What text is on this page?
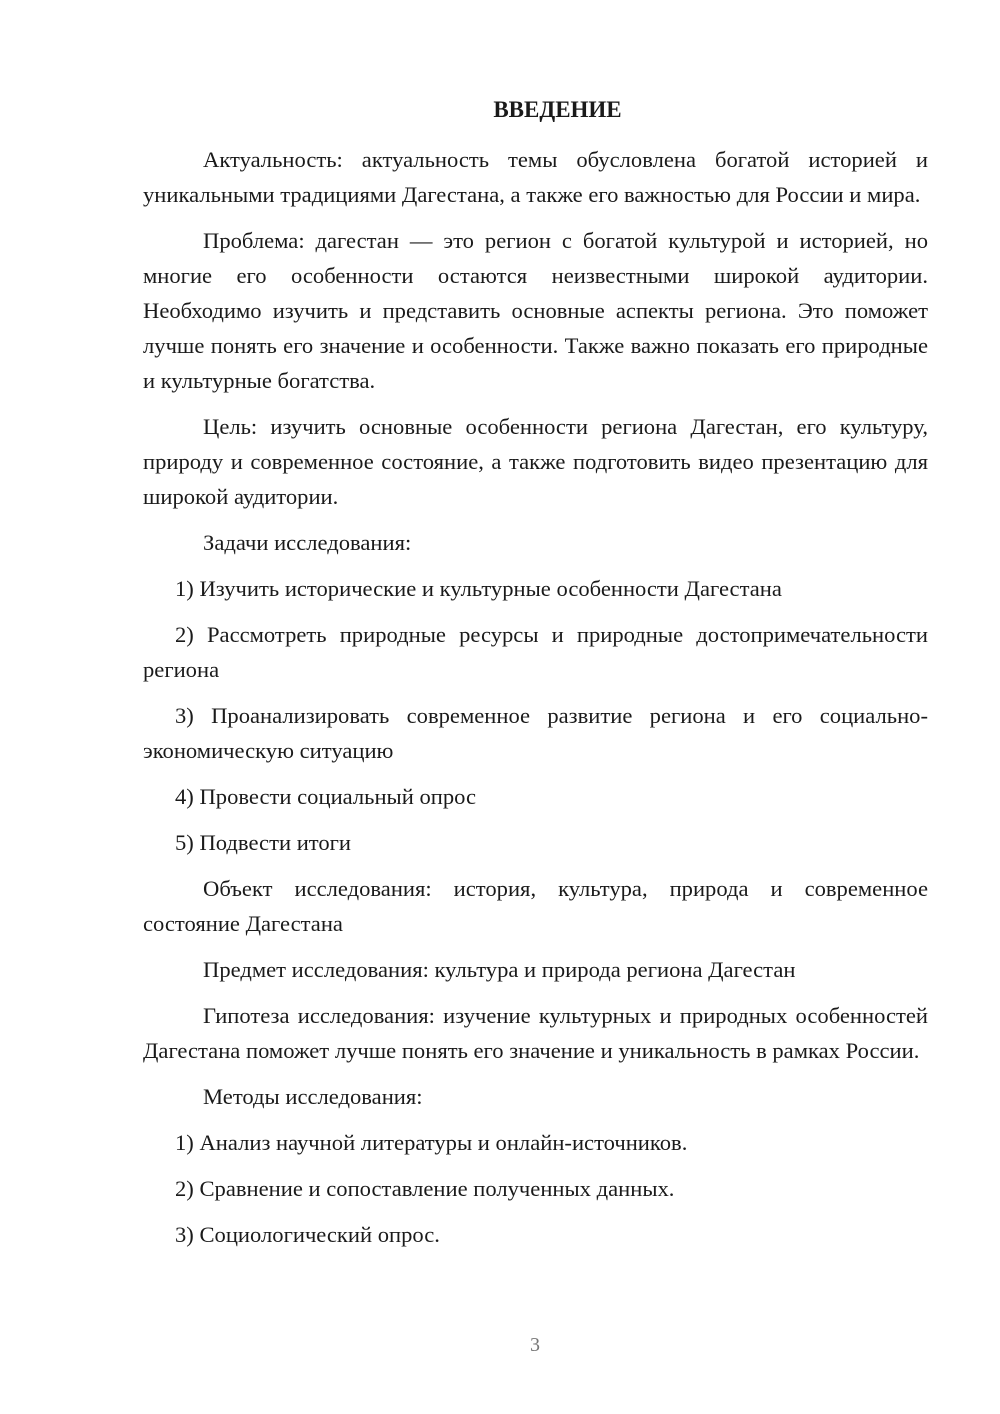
ВВЕДЕНИЕ

Актуальность: актуальность темы обусловлена богатой историей и уникальными традициями Дагестана, а также его важностью для России и мира.

Проблема: дагестан — это регион с богатой культурой и историей, но многие его особенности остаются неизвестными широкой аудитории. Необходимо изучить и представить основные аспекты региона. Это поможет лучше понять его значение и особенности. Также важно показать его природные и культурные богатства.

Цель: изучить основные особенности региона Дагестан, его культуру, природу и современное состояние, а также подготовить видео презентацию для широкой аудитории.

Задачи исследования:

1) Изучить исторические и культурные особенности Дагестана

2) Рассмотреть природные ресурсы и природные достопримечательности региона

3) Проанализировать современное развитие региона и его социально-экономическую ситуацию

4) Провести социальный опрос

5) Подвести итоги

Объект исследования: история, культура, природа и современное состояние Дагестана

Предмет исследования: культура и природа региона Дагестан

Гипотеза исследования: изучение культурных и природных особенностей Дагестана поможет лучше понять его значение и уникальность в рамках России.

Методы исследования:

1) Анализ научной литературы и онлайн-источников.

2) Сравнение и сопоставление полученных данных.

3) Социологический опрос.

3
